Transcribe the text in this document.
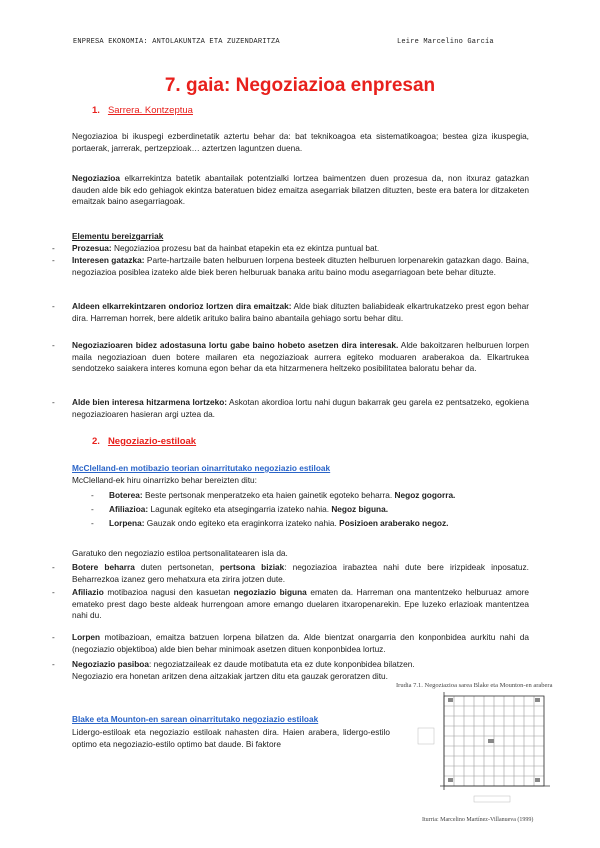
ENPRESA EKONOMIA: ANTOLAKUNTZA ETA ZUZENDARITZA	Leire Marcelino García
7. gaia: Negoziazioa enpresan
1. Sarrera. Kontzeptua
Negoziazioa bi ikuspegi ezberdinetatik aztertu behar da: bat teknikoagoa eta sistematikoagoa; bestea giza ikuspegia, portaerak, jarrerak, pertzepzioak… aztertzen laguntzen duena.
Negoziazioa elkarrekintza batetik abantailak potentzialki lortzea baimentzen duen prozesua da, non itxuraz gatazkan dauden alde bik edo gehiagok ekintza bateratuen bidez emaitza asegarriak bilatzen dituzten, beste era batera lor ditzaketen emaitzak baino asegarriagoak.
Elementu bereizgarriak
- Prozesua: Negoziazioa prozesu bat da hainbat etapekin eta ez ekintza puntual bat.
- Interesen gatazka: Parte-hartzaile baten helburuen lorpena besteek dituzten helburuen lorpenarekin gatazkan dago. Baina, negoziazioa posiblea izateko alde biek beren helburuak banaka aritu baino modu asegarriagoan bete behar dituzte.
- Aldeen elkarrekintzaren ondorioz lortzen dira emaitzak: Alde biak dituzten baliabideak elkartrukatzeko prest egon behar dira. Harreman horrek, bere aldetik arituko balira baino abantaila gehiago sortu behar ditu.
- Negoziazioaren bidez adostasuna lortu gabe baino hobeto asetzen dira interesak. Alde bakoitzaren helburuen lorpen maila negoziazioan duen botere mailaren eta negoziazioak aurrera egiteko moduaren araberakoa da. Elkartrukea sendotzeko saiakera interes komuna egon behar da eta hitzarmenera heltzeko posibilitatea baloratu behar da.
- Alde bien interesa hitzarmena lortzeko: Askotan akordioa lortu nahi dugun bakarrak geu garela ez pentsatzeko, egokiena negoziazioaren hasieran argi uztea da.
2. Negoziazio-estiloak
McClelland-en motibazio teorian oinarritutako negoziazio estiloak
McClelland-ek hiru oinarrizko behar bereizten ditu:
- Boterea: Beste pertsonak menperatzeko eta haien gainetik egoteko beharra. Negoz gogorra.
- Afiliazioa: Lagunak egiteko eta atsegingarria izateko nahia. Negoz biguna.
- Lorpena: Gauzak ondo egiteko eta eraginkorra izateko nahia. Posizioen araberako negoz.
Garatuko den negoziazio estiloa pertsonalitatearen isla da.
- Botere beharra duten pertsonetan, pertsona biziak: negoziazioa irabaztea nahi dute bere irizpideak inposatuz. Beharrezkoa izanez gero mehatxura eta zirira jotzen dute.
- Afiliazio motibazioa nagusi den kasuetan negoziazio biguna ematen da. Harreman ona mantentzeko helburuaz amore emateko prest dago beste aldeak hurrengoan amore emango duelaren itxaropenarekin. Epe luzeko erlazioak mantentzea nahi du.
- Lorpen motibazioan, emaitza batzuen lorpena bilatzen da. Alde bientzat onargarria den konponbidea aurkitu nahi da (negoziazio objektiboa) alde bien behar minimoak asetzen dituen konponbidea lortuz.
- Negoziazio pasiboa: negoziatzaileak ez daude motibatuta eta ez dute konponbidea bilatzen.
Negoziazio era honetan aritzen dena aitzakiak jartzen ditu eta gauzak geroratzen ditu.
Blake eta Mounton-en sarean oinarritutako negoziazio estiloak
Lidergo-estiloak eta negoziazio estiloak nahasten dira. Haien arabera, lidergo-estilo optimo eta negoziazio-estilo optimo bat daude. Bi faktore
Irudia 7.1. Negoziazioa sarea Blake eta Mounton-en arabera
Iturria: Marcelino Martínez-Villanueva (1999)
